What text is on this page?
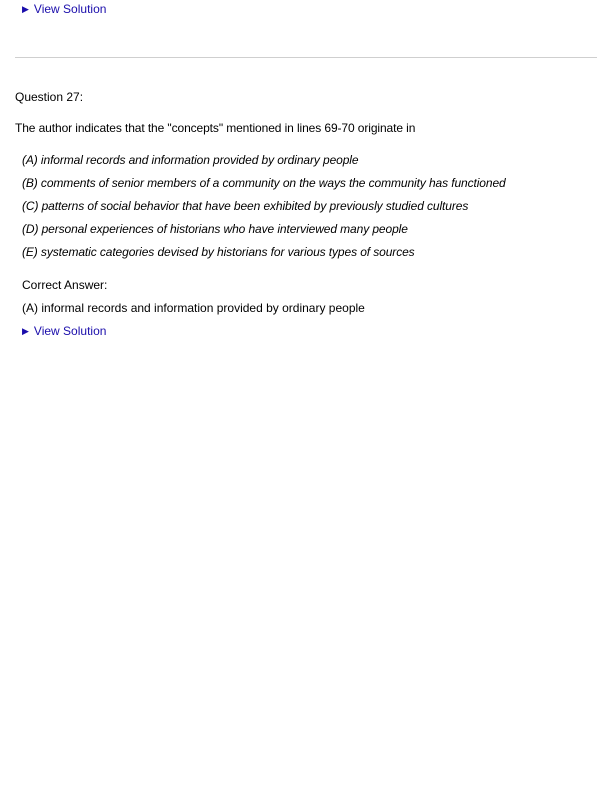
▶ View Solution
Question 27:
The author indicates that the "concepts" mentioned in lines 69-70 originate in
(A) informal records and information provided by ordinary people
(B) comments of senior members of a community on the ways the community has functioned
(C) patterns of social behavior that have been exhibited by previously studied cultures
(D) personal experiences of historians who have interviewed many people
(E) systematic categories devised by historians for various types of sources
Correct Answer:
(A) informal records and information provided by ordinary people
▶ View Solution
